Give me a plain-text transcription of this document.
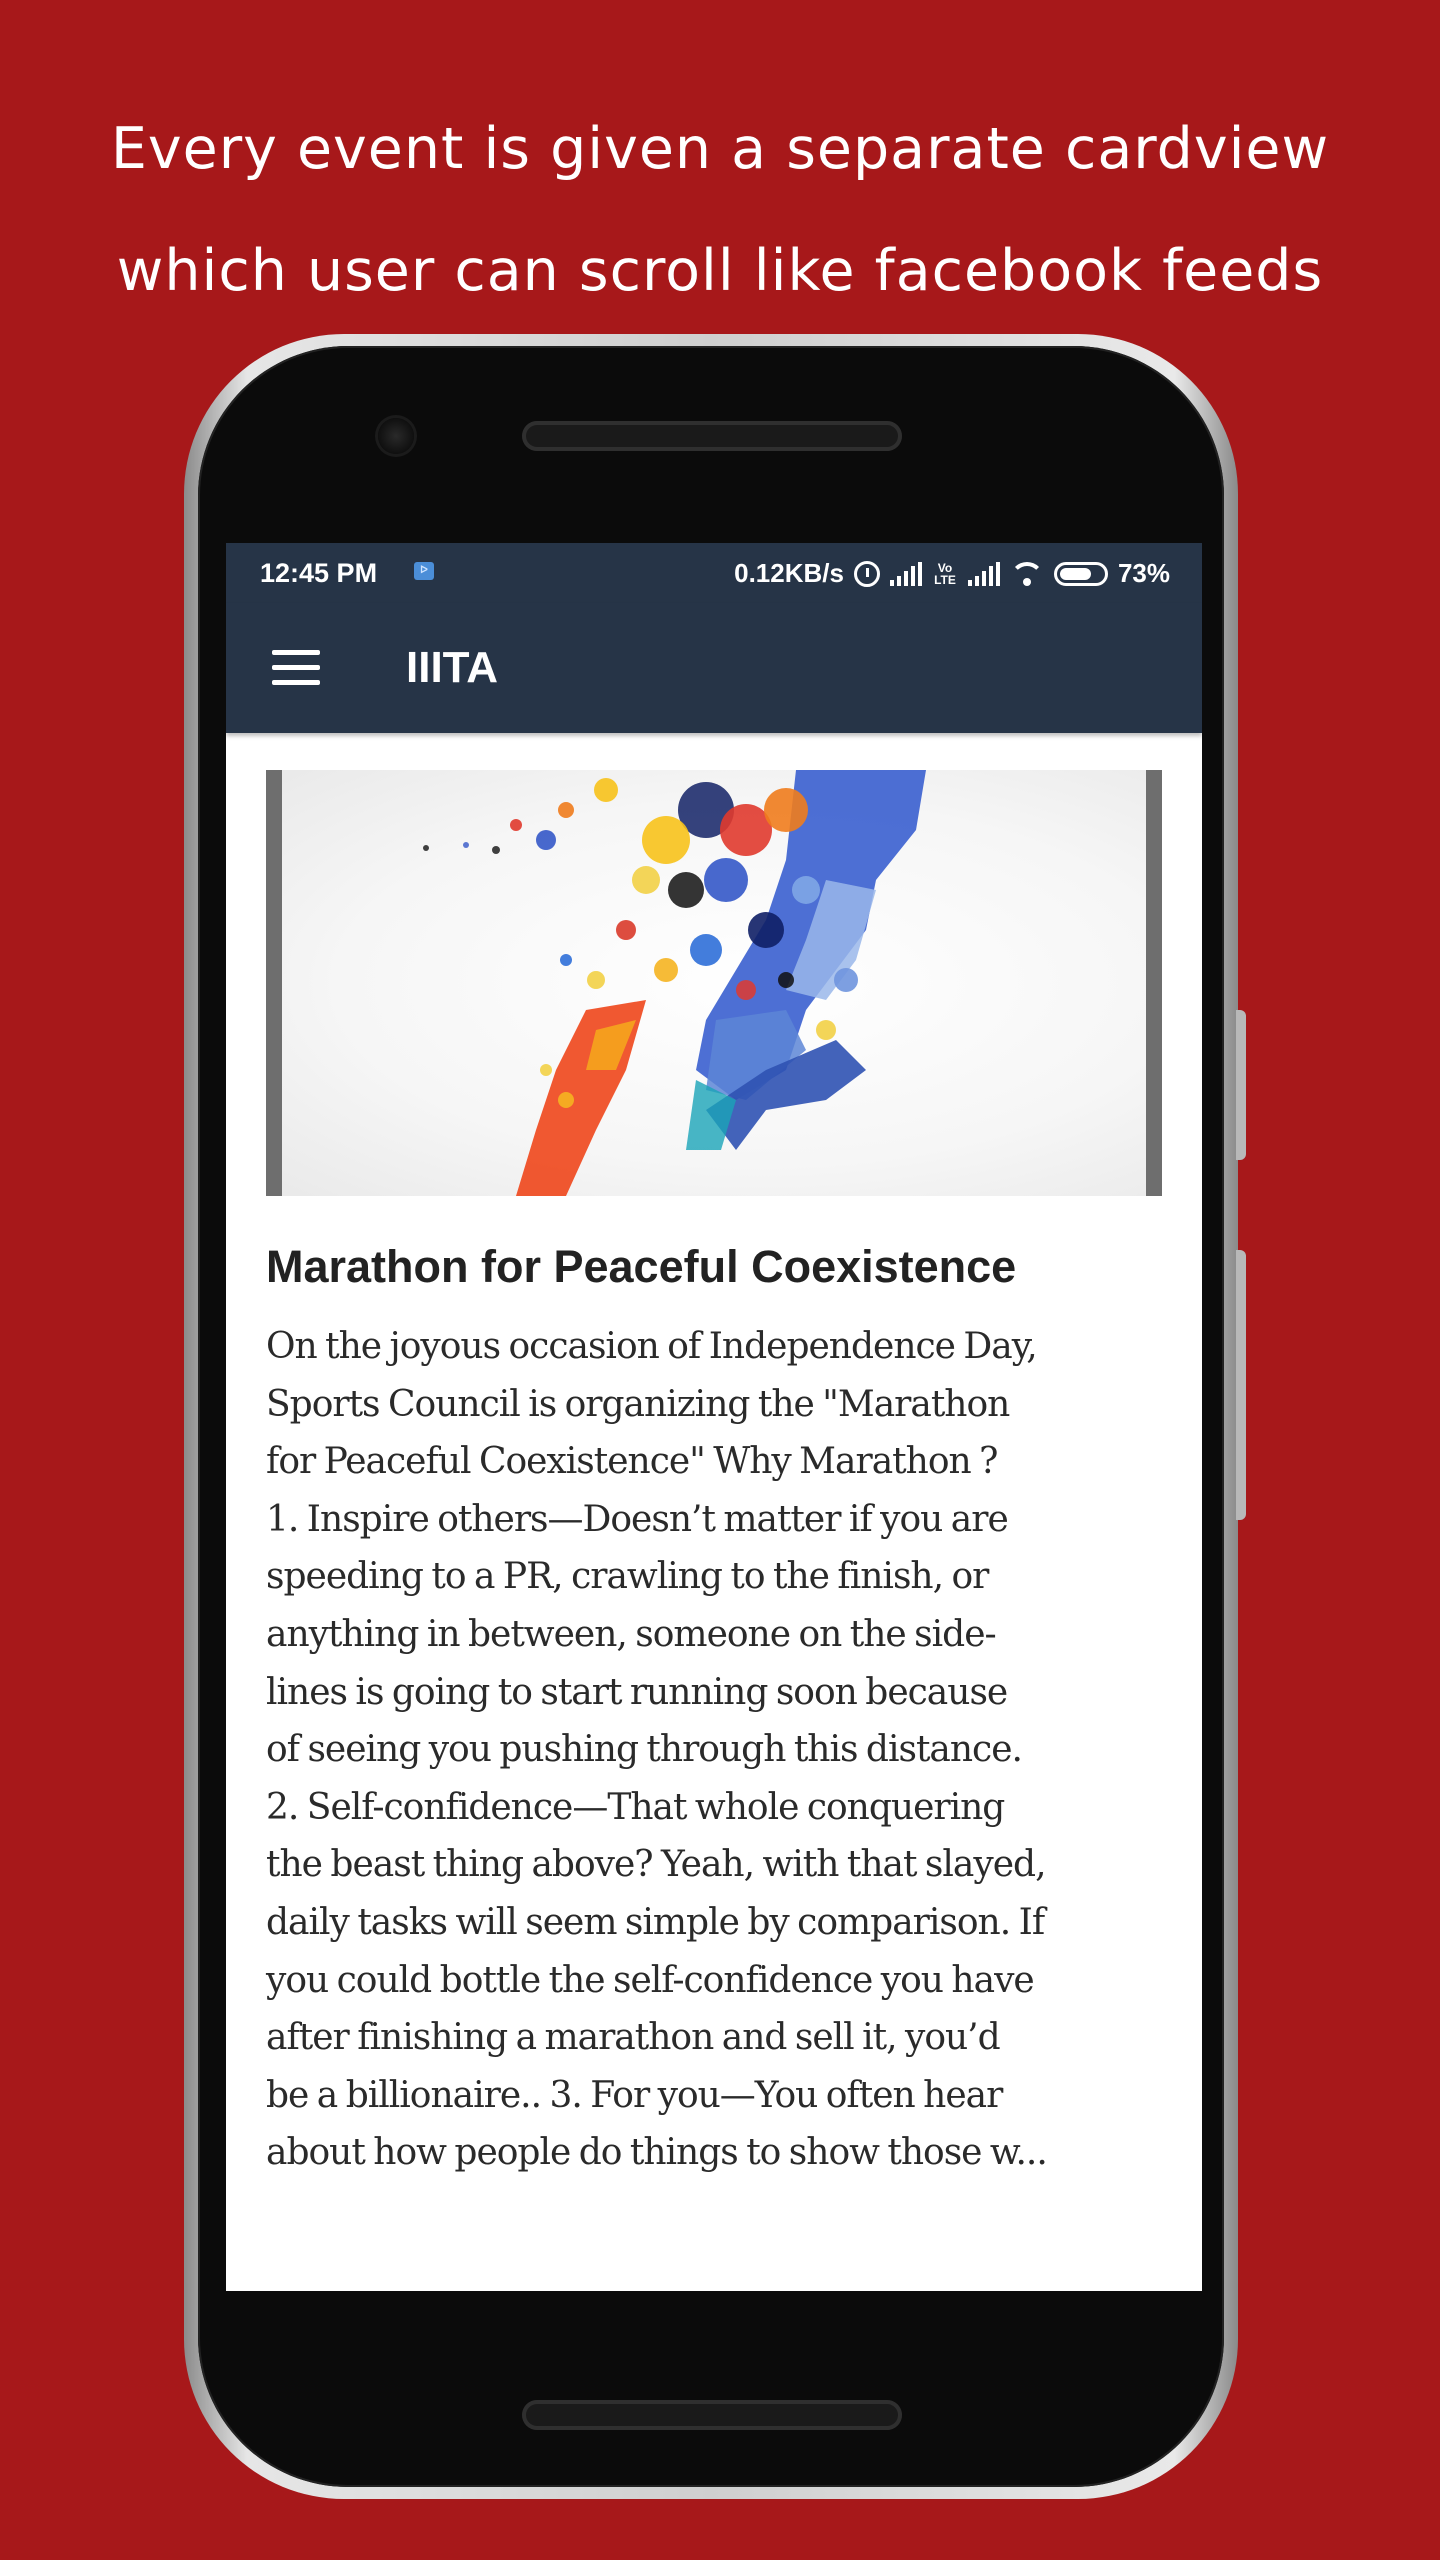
Every event is given a separate cardview
which user can scroll like facebook feeds
12:45 PM	ᐅ	0.12KB/s	Vo LTE	73%
IIITA
Marathon for Peaceful Coexistence
On the joyous occasion of Independence Day,
Sports Council is organizing the "Marathon
for Peaceful Coexistence" Why Marathon ?
1. Inspire others—Doesn’t matter if you are
speeding to a PR, crawling to the finish, or
anything in between, someone on the side-
lines is going to start running soon because
of seeing you pushing through this distance.
2. Self-confidence—That whole conquering
the beast thing above? Yeah, with that slayed,
daily tasks will seem simple by comparison. If
you could bottle the self-confidence you have
after finishing a marathon and sell it, you’d
be a billionaire.. 3. For you—You often hear
about how people do things to show those w...
